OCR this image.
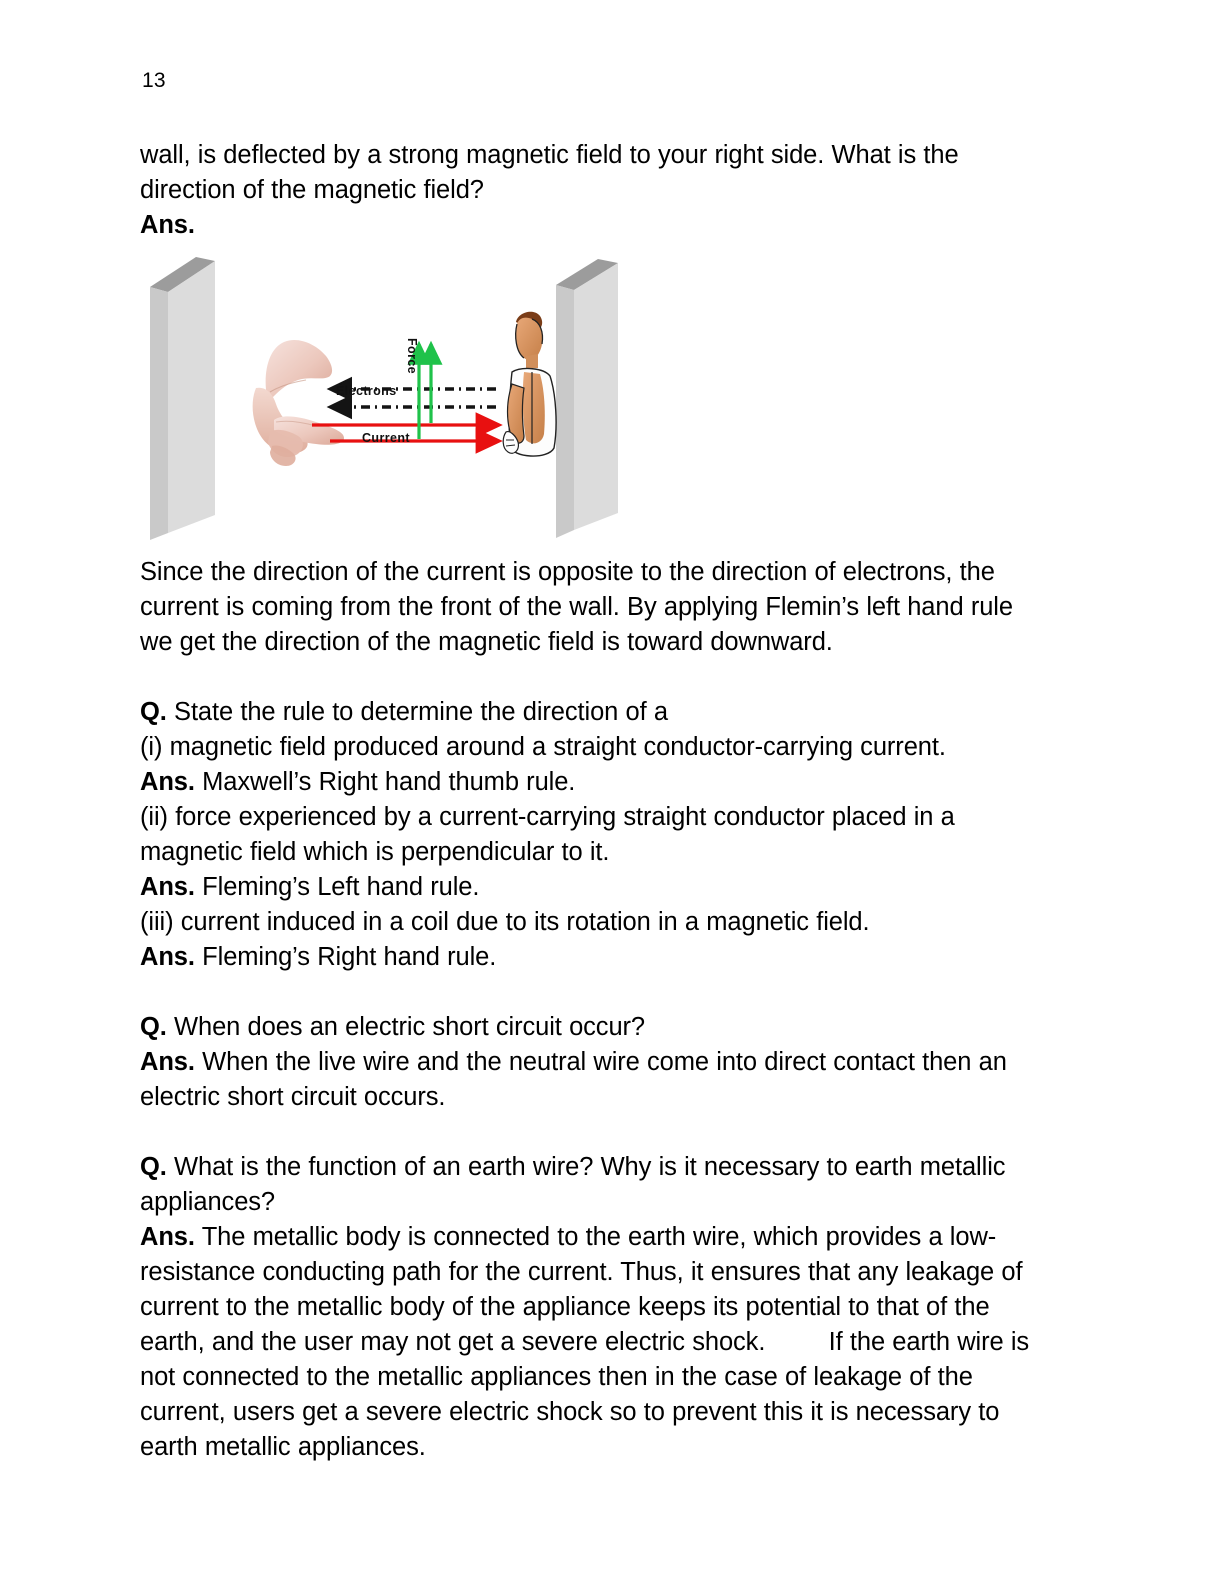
13

wall, is deflected by a strong magnetic field to your right side. What is the
direction of the magnetic field?
Ans.

Électrons
Current
Force

Since the direction of the current is opposite to the direction of electrons, the current is coming from the front of the wall. By applying Flemin’s left hand rule we get the direction of the magnetic field is toward downward.

Q. State the rule to determine the direction of a
(i) magnetic field produced around a straight conductor-carrying current.
Ans. Maxwell’s Right hand thumb rule.
(ii) force experienced by a current-carrying straight conductor placed in a magnetic field which is perpendicular to it.
Ans. Fleming’s Left hand rule.
(iii) current induced in a coil due to its rotation in a magnetic field.
Ans. Fleming’s Right hand rule.

Q. When does an electric short circuit occur?
Ans. When the live wire and the neutral wire come into direct contact then an electric short circuit occurs.

Q. What is the function of an earth wire? Why is it necessary to earth metallic appliances?
Ans. The metallic body is connected to the earth wire, which provides a low-resistance conducting path for the current. Thus, it ensures that any leakage of current to the metallic body of the appliance keeps its potential to that of the earth, and the user may not get a severe electric shock. If the earth wire is not connected to the metallic appliances then in the case of leakage of the current, users get a severe electric shock so to prevent this it is necessary to earth metallic appliances.
